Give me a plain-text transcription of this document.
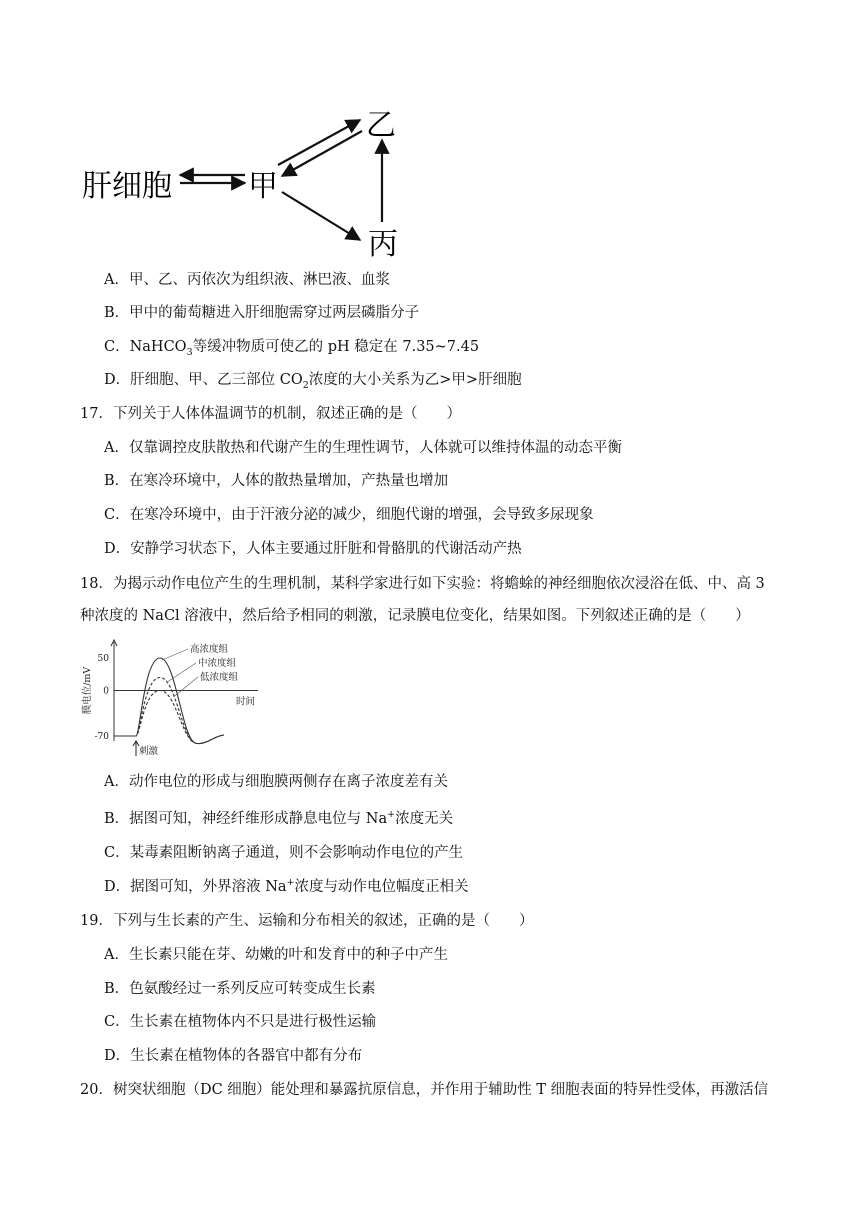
肝细胞	甲
乙
丙
A．甲、乙、丙依次为组织液、淋巴液、血浆
B．甲中的葡萄糖进入肝细胞需穿过两层磷脂分子
C．NaHCO$_3$等缓冲物质可使乙的 pH 稳定在 7.35~7.45
D．肝细胞、甲、乙三部位 $CO_2$浓度的大小关系为乙>甲>肝细胞
17．下列关于人体体温调节的机制，叙述正确的是（　　）
A．仅靠调控皮肤散热和代谢产生的生理性调节，人体就可以维持体温的动态平衡
B．在寒冷环境中，人体的散热量增加，产热量也增加
C．在寒冷环境中，由于汗液分泌的减少，细胞代谢的增强，会导致多尿现象
D．安静学习状态下，人体主要通过肝脏和骨骼肌的代谢活动产热
18．为揭示动作电位产生的生理机制，某科学家进行如下实验：将蟾蜍的神经细胞依次浸浴在低、中、高 3
种浓度的 NaCl 溶液中，然后给予相同的刺激，记录膜电位变化，结果如图。下列叙述正确的是（　　）
50
0
-70
膜电位/mV	时间
高浓度组
中浓度组
低浓度组
刺激
A．动作电位的形成与细胞膜两侧存在离子浓度差有关
B．据图可知，神经纤维形成静息电位与 Na+浓度无关
C．某毒素阻断钠离子通道，则不会影响动作电位的产生
D．据图可知，外界溶液 Na+浓度与动作电位幅度正相关
19．下列与生长素的产生、运输和分布相关的叙述，正确的是（　　）
A．生长素只能在芽、幼嫩的叶和发育中的种子中产生
B．色氨酸经过一系列反应可转变成生长素
C．生长素在植物体内不只是进行极性运输
D．生长素在植物体的各器官中都有分布
20．树突状细胞（DC 细胞）能处理和暴露抗原信息，并作用于辅助性 T 细胞表面的特异性受体，再激活信
